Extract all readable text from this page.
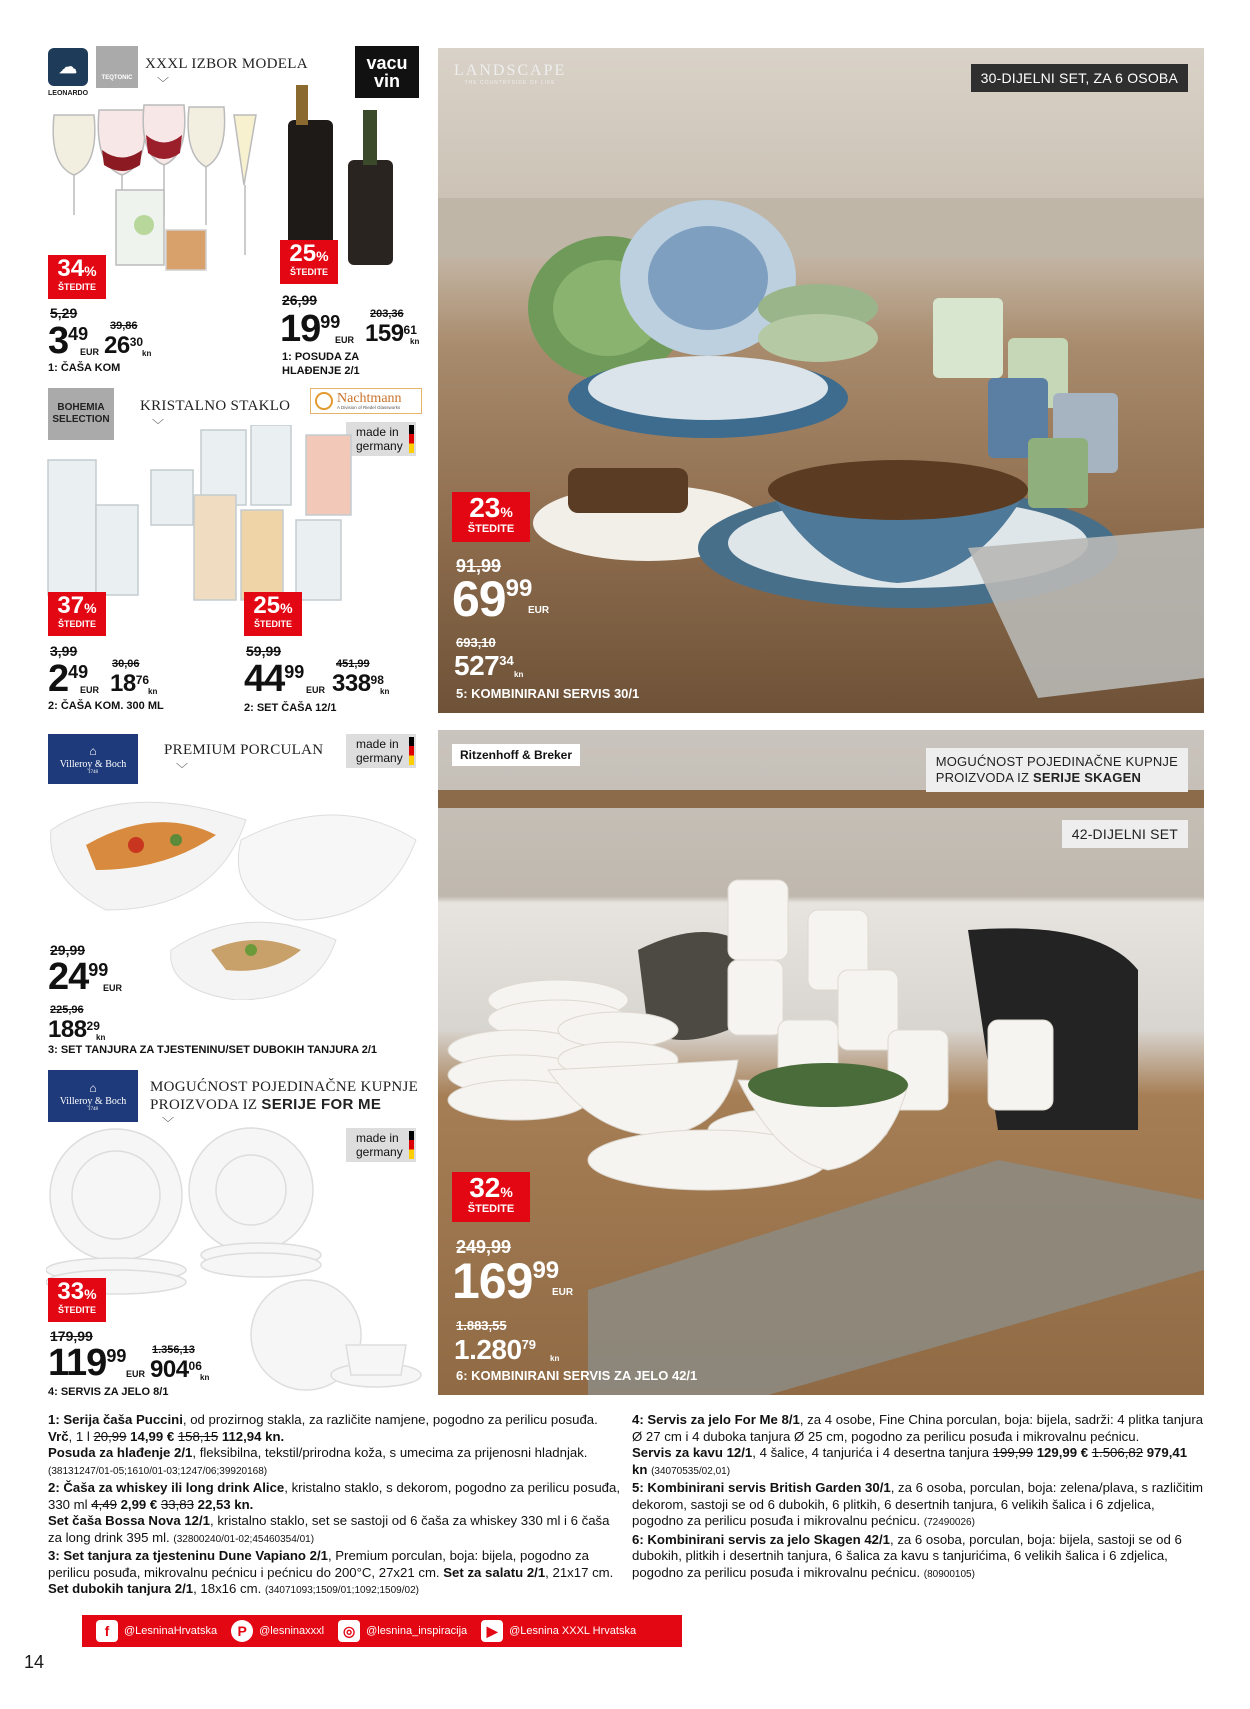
☁
LEONARDO
TEQTONIC
XXXL IZBOR MODELA
﹀
vacu vin
34%
ŠTEDITE
5,29
3 49
EUR
39,86
26 30
kn
1: ČAŠA KOM
25%
ŠTEDITE
26,99
19 99
EUR
203,36
159 61
kn
1: POSUDA ZA HLAĐENJE 2/1
BOHEMIA SELECTION
KRISTALNO STAKLO
﹀
Nachtmann
A Division of Riedel Glassworks
made in
germany
37%
ŠTEDITE
3,99
2 49
EUR
30,06
18 76
kn
2: ČAŠA KOM. 300 ML
25%
ŠTEDITE
59,99
44 99
EUR
451,99
338 98
kn
2: SET ČAŠA 12/1
LANDSCAPE
THE COUNTRYSIDE OF LIFE	30-DIJELNI SET, ZA 6 OSOBA
23%
ŠTEDITE
91,99
69 99
EUR
693,10
527 34
kn
5: KOMBINIRANI SERVIS 30/1
⌂
Villeroy & Boch
1748
PREMIUM PORCULAN
﹀
made in
germany
29,99
24 99
EUR
225,96
188 29
kn
3: SET TANJURA ZA TJESTENINU/SET DUBOKIH TANJURA 2/1
⌂
Villeroy & Boch
1748
MOGUĆNOST POJEDINAČNE KUPNJE
PROIZVODA IZ SERIJE FOR ME
﹀
made in
germany
33%
ŠTEDITE
179,99
119 99
EUR
1.356,13
904 06
kn
4: SERVIS ZA JELO 8/1
Ritzenhoff & Breker	MOGUĆNOST POJEDINAČNE KUPNJE
PROIZVODA IZ SERIJE SKAGEN
42-DIJELNI SET
32%
ŠTEDITE
249,99
169 99
EUR
1.883,55
1.280 79
kn
6: KOMBINIRANI SERVIS ZA JELO 42/1
1: Serija čaša Puccini, od prozirnog stakla, za različite namjene, pogodno za perilicu posuđa. Vrč, 1 l 20,99 14,99 € 158,15 112,94 kn.
Posuda za hlađenje 2/1, fleksibilna, tekstil/prirodna koža, s umecima za prijenosni hladnjak. (38131247/01-05;1610/01-03;1247/06;39920168)
2: Čaša za whiskey ili long drink Alice, kristalno staklo, s dekorom, pogodno za perilicu posuđa, 330 ml 4,49 2,99 € 33,83 22,53 kn.
Set čaša Bossa Nova 12/1, kristalno staklo, set se sastoji od 6 čaša za whiskey 330 ml i 6 čaša za long drink 395 ml. (32800240/01-02;45460354/01)
3: Set tanjura za tjesteninu Dune Vapiano 2/1, Premium porculan, boja: bijela, pogodno za perilicu posuđa, mikrovalnu pećnicu i pećnicu do 200°C, 27x21 cm. Set za salatu 2/1, 21x17 cm. Set dubokih tanjura 2/1, 18x16 cm. (34071093;1509/01;1092;1509/02)
4: Servis za jelo For Me 8/1, za 4 osobe, Fine China porculan, boja: bijela, sadrži: 4 plitka tanjura Ø 27 cm i 4 duboka tanjura Ø 25 cm, pogodno za perilicu posuđa i mikrovalnu pećnicu.
Servis za kavu 12/1, 4 šalice, 4 tanjurića i 4 desertna tanjura 199,99 129,99 € 1.506,82 979,41 kn (34070535/02,01)
5: Kombinirani servis British Garden 30/1, za 6 osoba, porculan, boja: zelena/plava, s različitim dekorom, sastoji se od 6 dubokih, 6 plitkih, 6 desertnih tanjura, 6 velikih šalica i 6 zdjelica, pogodno za perilicu posuđa i mikrovalnu pećnicu. (72490026)
6: Kombinirani servis za jelo Skagen 42/1, za 6 osoba, porculan, boja: bijela, sastoji se od 6 dubokih, plitkih i desertnih tanjura, 6 šalica za kavu s tanjurićima, 6 velikih šalica i 6 zdjelica, pogodno za perilicu posuđa i mikrovalnu pećnicu. (80900105)
14
f	@LesninaHrvatska	P	@lesninaxxxl	◎ @lesnina_inspiracija	▶	@Lesnina XXXL Hrvatska
